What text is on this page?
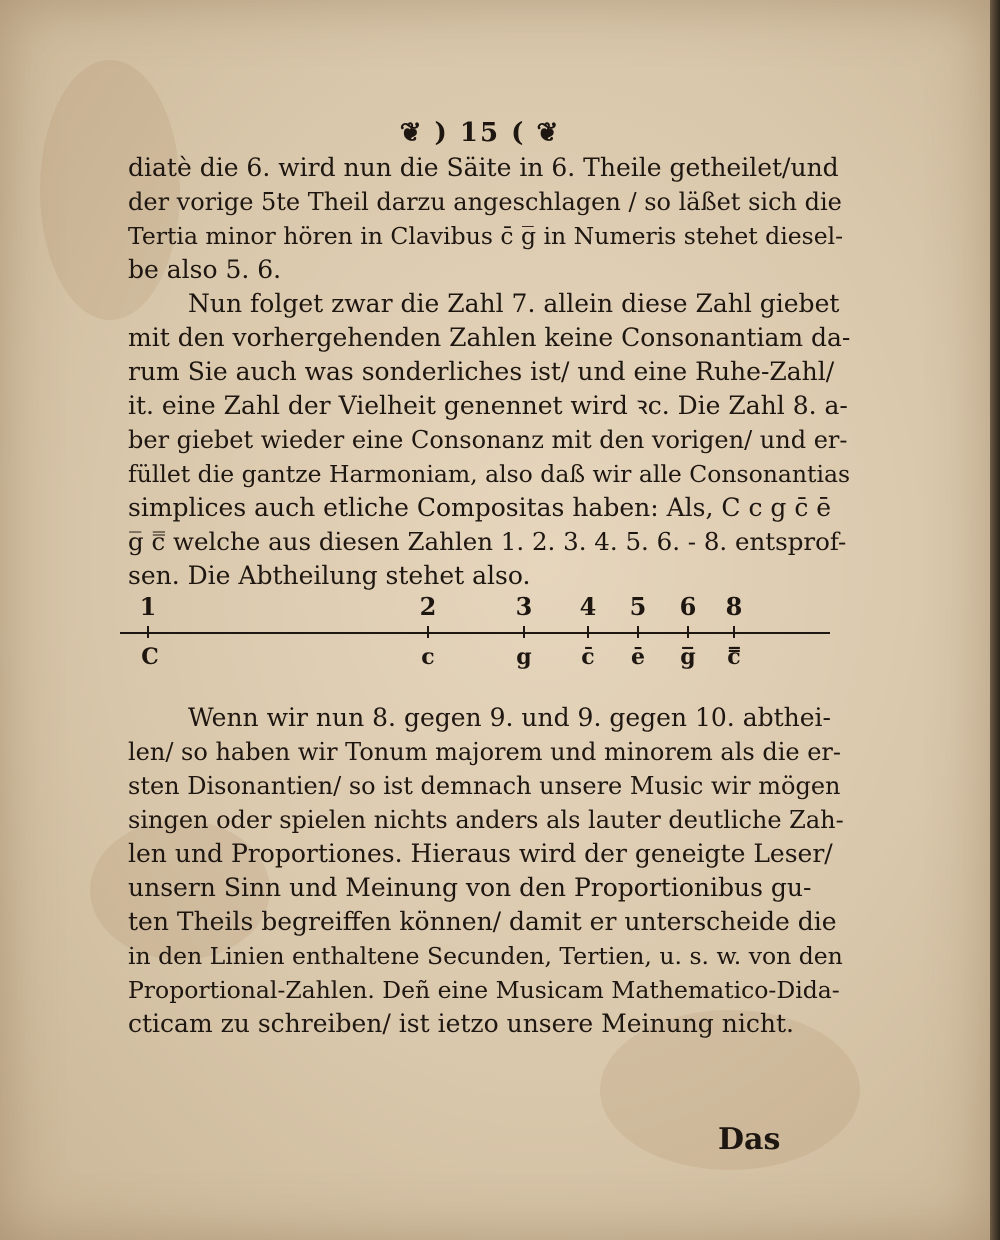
❦ ) 15 ( ❦
diatè die 6. wird nun die Säite in 6. Theile getheilet/und
der vorige 5te Theil darzu angeschlagen / so läßet sich die
Tertia minor hören in Clavibus c̄ g̅ in Numeris stehet diesel-
be also 5. 6.
Nun folget zwar die Zahl 7. allein diese Zahl giebet
mit den vorhergehenden Zahlen keine Consonantiam da-
rum Sie auch was sonderliches ist/ und eine Ruhe-Zahl/
it. eine Zahl der Vielheit genennet wird ꝛc. Die Zahl 8. a-
ber giebet wieder eine Consonanz mit den vorigen/ und er-
füllet die gantze Harmoniam, also daß wir alle Consonantias
simplices auch etliche Compositas haben: Als, C c g c̄ ē
g̅ c̿ welche aus diesen Zahlen 1. 2. 3. 4. 5. 6. - 8. entsprof-
sen. Die Abtheilung stehet also.
1	2	3 4 5 6 8
C	c	g c̄ ē g̅ c̿
Wenn wir nun 8. gegen 9. und 9. gegen 10. abthei-
len/ so haben wir Tonum majorem und minorem als die er-
sten Disonantien/ so ist demnach unsere Music wir mögen
singen oder spielen nichts anders als lauter deutliche Zah-
len und Proportiones. Hieraus wird der geneigte Leser/
unsern Sinn und Meinung von den Proportionibus gu-
ten Theils begreiffen können/ damit er unterscheide die
in den Linien enthaltene Secunden, Tertien, u. s. w. von den
Proportional-Zahlen. Deñ eine Musicam Mathematico-Dida-
cticam zu schreiben/ ist ietzo unsere Meinung nicht.
Das
